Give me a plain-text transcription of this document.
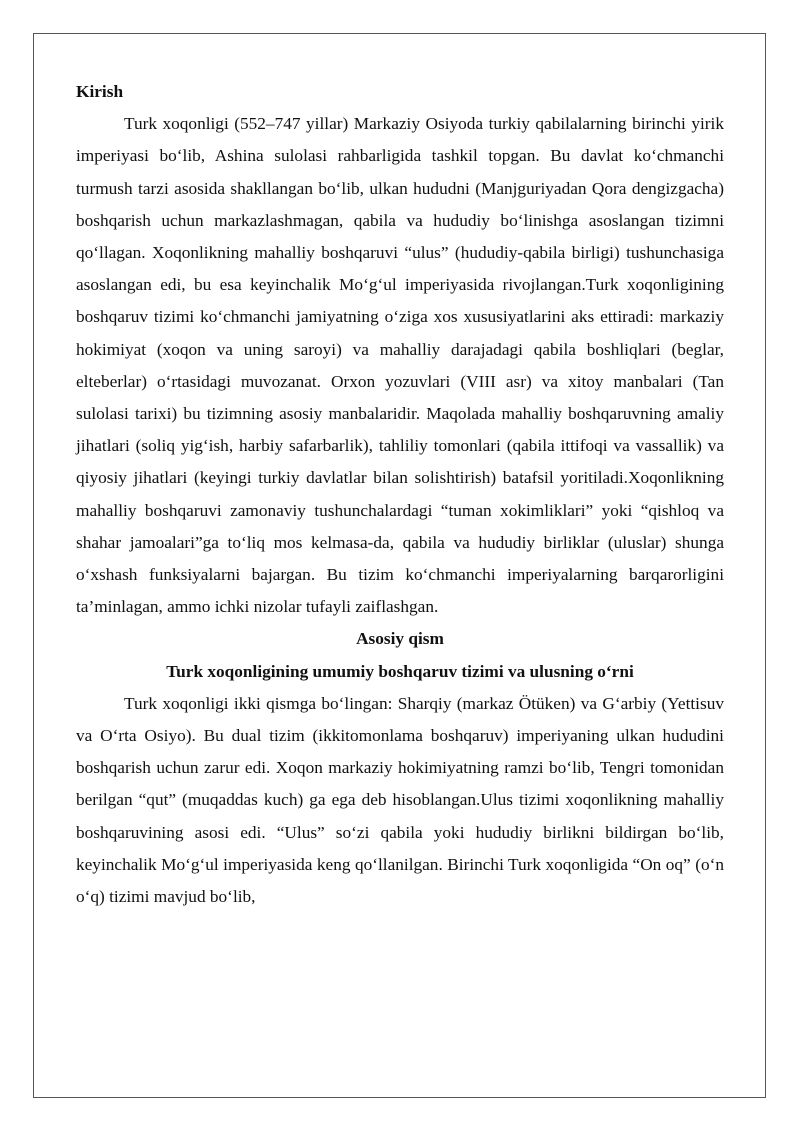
Kirish

Turk xoqonligi (552–747 yillar) Markaziy Osiyoda turkiy qabilalarning birinchi yirik imperiyasi bo‘lib, Ashina sulolasi rahbarligida tashkil topgan. Bu davlat ko‘chmanchi turmush tarzi asosida shakllangan bo‘lib, ulkan hududni (Manjguriyadan Qora dengizgacha) boshqarish uchun markazlashmagan, qabila va hududiy bo‘linishga asoslangan tizimni qo‘llagan. Xoqonlikning mahalliy boshqaruvi “ulus” (hududiy-qabila birligi) tushunchasiga asoslangan edi, bu esa keyinchalik Mo‘g‘ul imperiyasida rivojlangan.Turk xoqonligining boshqaruv tizimi ko‘chmanchi jamiyatning o‘ziga xos xususiyatlarini aks ettiradi: markaziy hokimiyat (xoqon va uning saroyi) va mahalliy darajadagi qabila boshliqlari (beglar, elteberlar) o‘rtasidagi muvozanat. Orxon yozuvlari (VIII asr) va xitoy manbalari (Tan sulolasi tarixi) bu tizimning asosiy manbalaridir. Maqolada mahalliy boshqaruvning amaliy jihatlari (soliq yig‘ish, harbiy safarbarlik), tahliliy tomonlari (qabila ittifoqi va vassallik) va qiyosiy jihatlari (keyingi turkiy davlatlar bilan solishtirish) batafsil yoritiladi.Xoqonlikning mahalliy boshqaruvi zamonaviy tushunchalardagi “tuman xokimliklari” yoki “qishloq va shahar jamoalari”ga to‘liq mos kelmasa-da, qabila va hududiy birliklar (uluslar) shunga o‘xshash funksiyalarni bajargan. Bu tizim ko‘chmanchi imperiyalarning barqarorligini ta’minlagan, ammo ichki nizolar tufayli zaiflashgan.

Asosiy qism

Turk xoqonligining umumiy boshqaruv tizimi va ulusning o‘rni

Turk xoqonligi ikki qismga bo‘lingan: Sharqiy (markaz Ötüken) va G‘arbiy (Yettisuv va O‘rta Osiyo). Bu dual tizim (ikkitomonlama boshqaruv) imperiyaning ulkan hududini boshqarish uchun zarur edi. Xoqon markaziy hokimiyatning ramzi bo‘lib, Tengri tomonidan berilgan “qut” (muqaddas kuch) ga ega deb hisoblangan.Ulus tizimi xoqonlikning mahalliy boshqaruvining asosi edi. “Ulus” so‘zi qabila yoki hududiy birlikni bildirgan bo‘lib, keyinchalik Mo‘g‘ul imperiyasida keng qo‘llanilgan. Birinchi Turk xoqonligida “On oq” (o‘n o‘q) tizimi mavjud bo‘lib,
